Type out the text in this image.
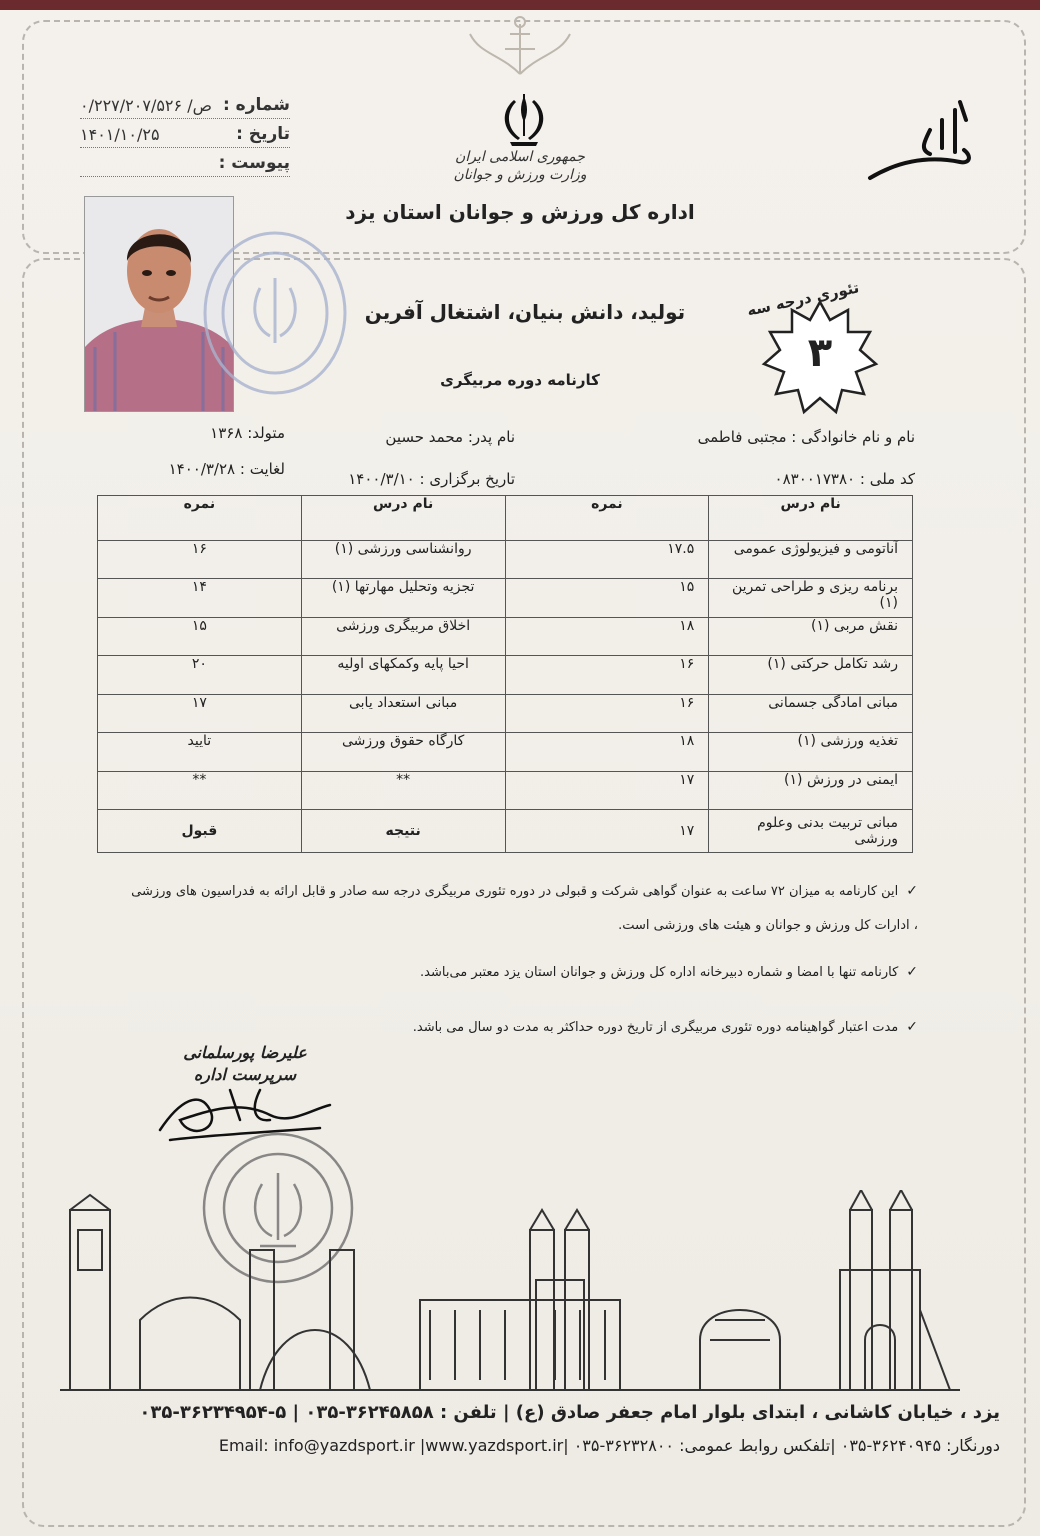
شماره :
۰/۲۲۷/۲۰۷/۵۲۶ /ص
تاریخ :
۱۴۰۱/۱۰/۲۵
پیوست :	جمهوری اسلامی ایران
وزارت ورزش و جوانان
اداره کل ورزش و جوانان استان یزد
تولید، دانش بنیان، اشتغال آفرین
۳
تئوری درجه سه
کارنامه دوره مربیگری
نام و نام خانوادگی : مجتبی فاطمی
نام پدر: محمد حسین
متولد: ۱۳۶۸
کد ملی : ۰۸۳۰۰۱۷۳۸۰
تاریخ برگزاری : ۱۴۰۰/۳/۱۰
لغایت : ۱۴۰۰/۳/۲۸
نام درس	نمره	نام درس	نمره
آناتومی و فیزیولوژی عمومی	۱۷.۵	روانشناسی ورزشی (۱)	۱۶
برنامه ریزی و طراحی تمرین (۱)	۱۵	تجزیه وتحلیل مهارتها (۱)	۱۴
نقش مربی (۱)	۱۸	اخلاق مربیگری ورزشی	۱۵
رشد تکامل حرکتی (۱)	۱۶	احیا پایه وکمکهای اولیه	۲۰
مبانی امادگی جسمانی	۱۶	مبانی استعداد یابی	۱۷
تغذیه ورزشی (۱)	۱۸	کارگاه حقوق ورزشی	تایید
ایمنی در ورزش (۱)	۱۷	**	**
مبانی تربیت بدنی وعلوم ورزشی	۱۷	نتیجه	قبول
✓این کارنامه به میزان ۷۲ ساعت به عنوان گواهی شرکت و قبولی در دوره تئوری مربیگری درجه سه صادر و قابل ارائه به فدراسیون های ورزشی ، ادارات کل ورزش و جوانان و هیئت های ورزشی است.
✓کارنامه تنها با امضا و شماره دبیرخانه اداره کل ورزش و جوانان استان یزد معتبر می‌باشد.
✓مدت اعتبار گواهینامه دوره تئوری مربیگری از تاریخ دوره حداکثر به مدت دو سال می باشد.
علیرضا پورسلمانی
سرپرست اداره
یزد ، خیابان کاشانی ، ابتدای بلوار امام جعفر صادق (ع) | تلفن : ۳۶۲۴۵۸۵۸-۰۳۵ | ۵-۳۶۲۳۴۹۵۴-۰۳۵
دورنگار: ۳۶۲۴۰۹۴۵-۰۳۵ |تلفکس روابط عمومی: ۳۶۲۳۲۸۰۰-۰۳۵ |Email: info@yazdsport.ir |www.yazdsport.ir
